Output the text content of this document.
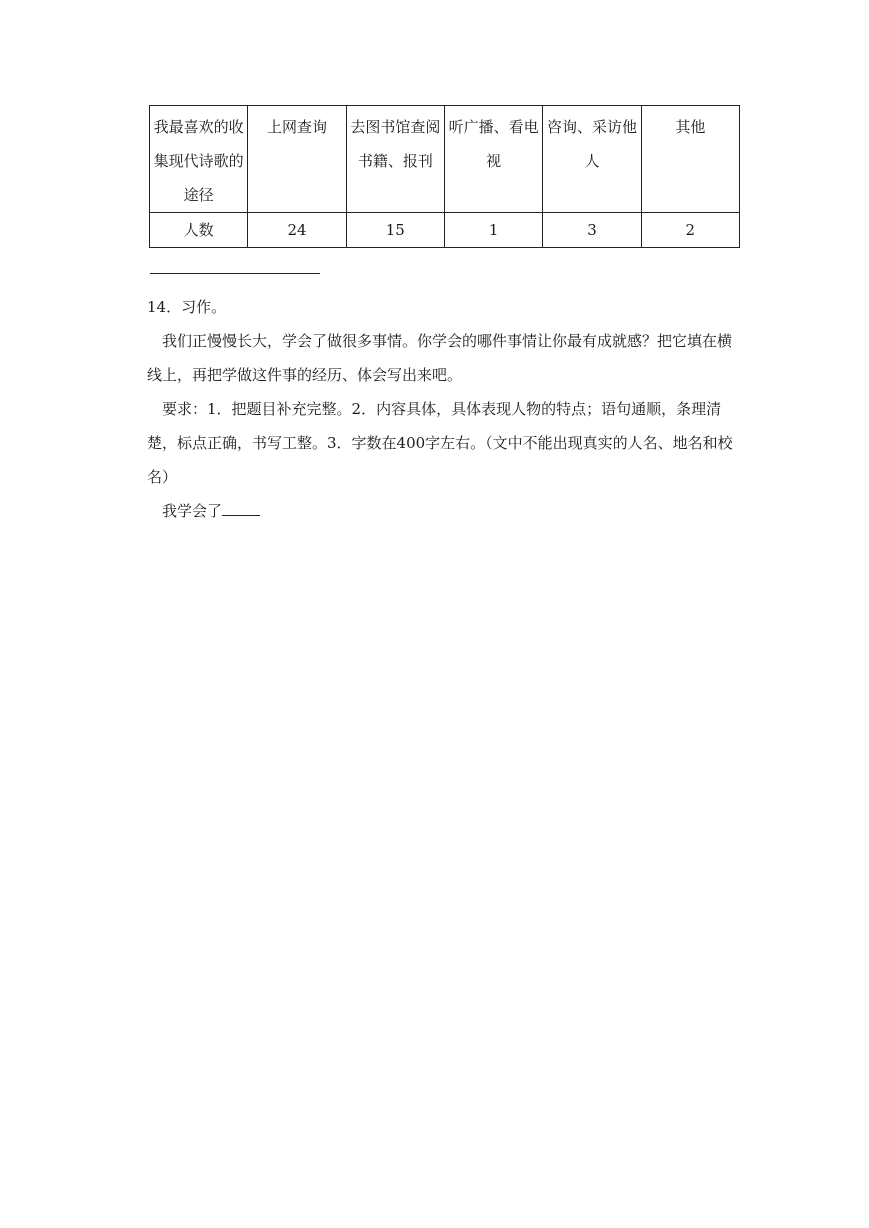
我最喜欢的收集现代诗歌的途径	上网查询	去图书馆查阅书籍、报刊	听广播、看电视	咨询、采访他人	其他
人数	24	15	1	3	2

14．习作。

我们正慢慢长大，学会了做很多事情。你学会的哪件事情让你最有成就感？把它填在横线上，再把学做这件事的经历、体会写出来吧。

要求：1．把题目补充完整。2．内容具体，具体表现人物的特点；语句通顺，条理清楚，标点正确，书写工整。3．字数在400字左右。（文中不能出现真实的人名、地名和校名）

我学会了
